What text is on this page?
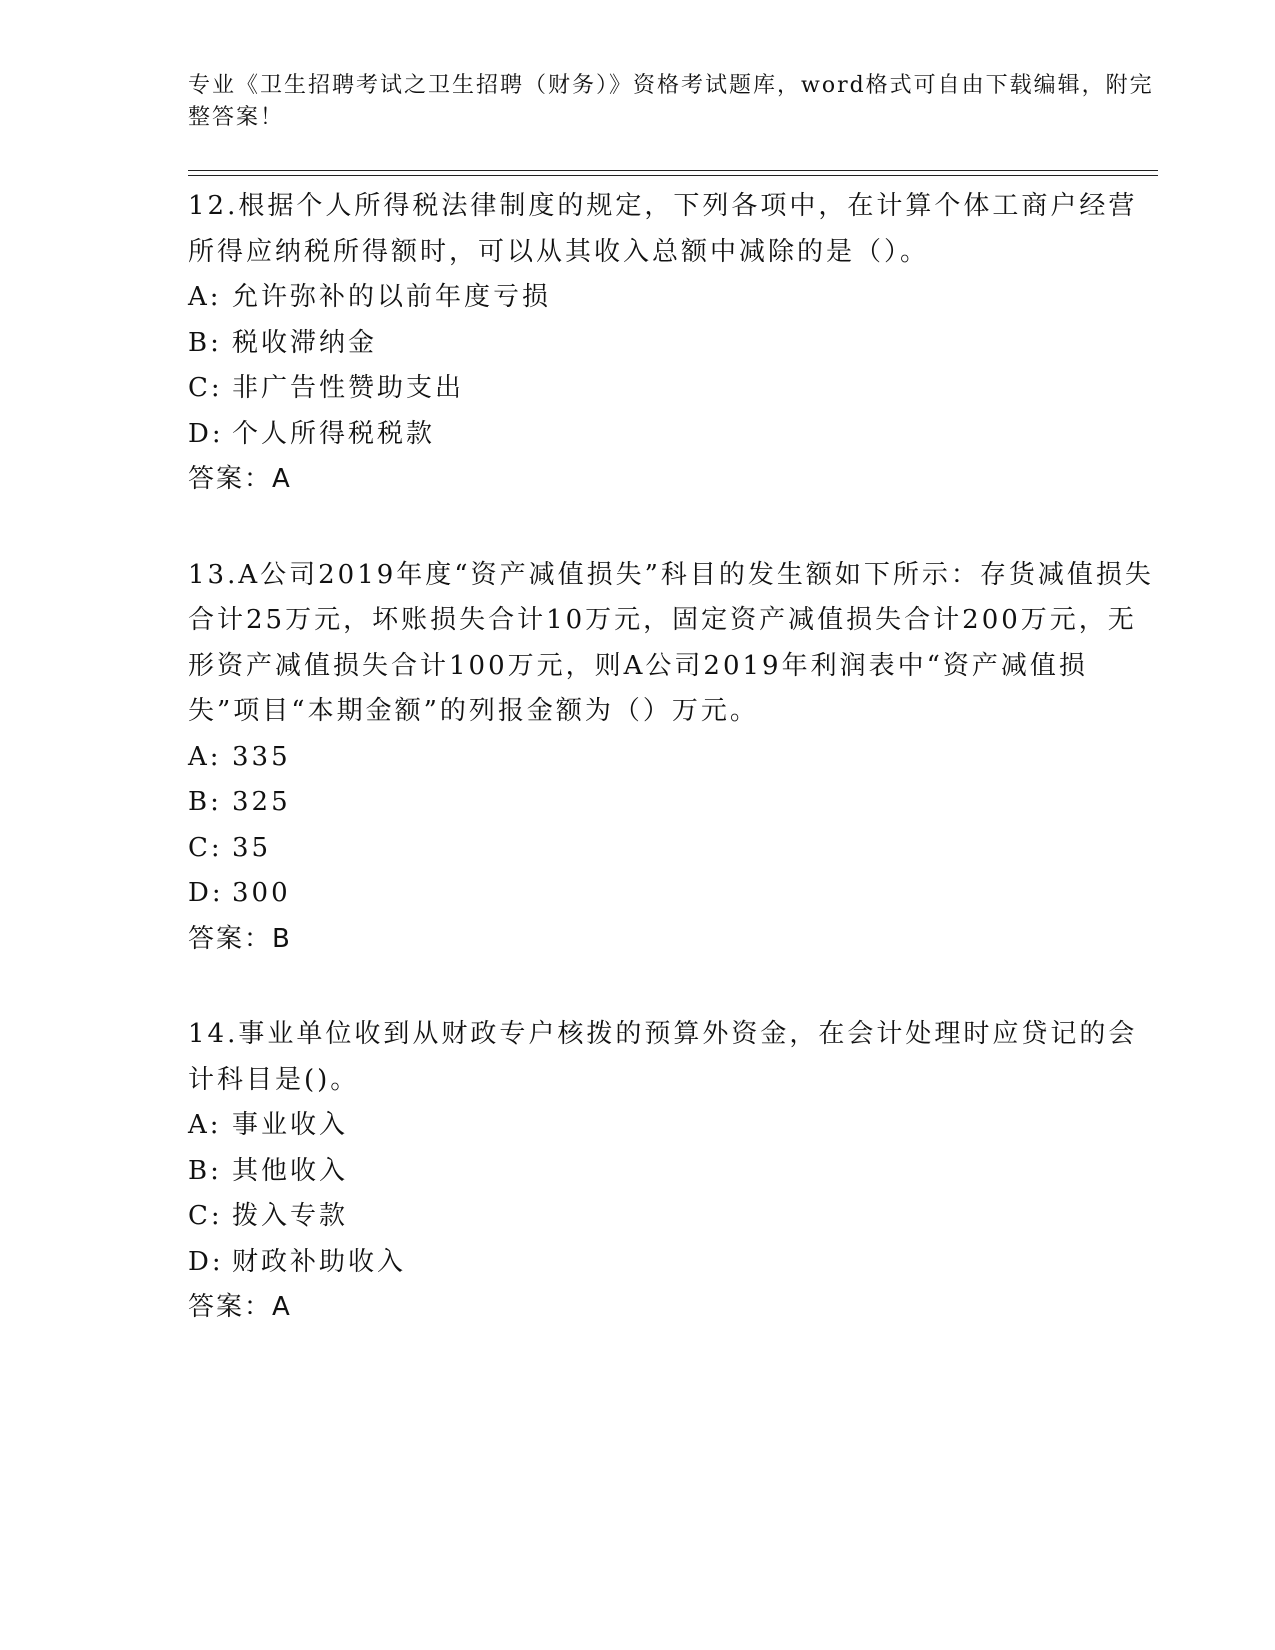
专业《卫生招聘考试之卫生招聘（财务）》资格考试题库，word格式可自由下载编辑，附完整答案！

12.根据个人所得税法律制度的规定，下列各项中，在计算个体工商户经营所得应纳税所得额时，可以从其收入总额中减除的是（）。

A: 允许弥补的以前年度亏损
B: 税收滞纳金
C: 非广告性赞助支出
D: 个人所得税税款

答案：A

13.A公司2019年度“资产减值损失”科目的发生额如下所示：存货减值损失合计25万元，坏账损失合计10万元，固定资产减值损失合计200万元，无形资产减值损失合计100万元，则A公司2019年利润表中“资产减值损失”项目“本期金额”的列报金额为（）万元。

A: 335
B: 325
C: 35
D: 300

答案：B

14.事业单位收到从财政专户核拨的预算外资金，在会计处理时应贷记的会计科目是()。

A: 事业收入
B: 其他收入
C: 拨入专款
D: 财政补助收入

答案：A
